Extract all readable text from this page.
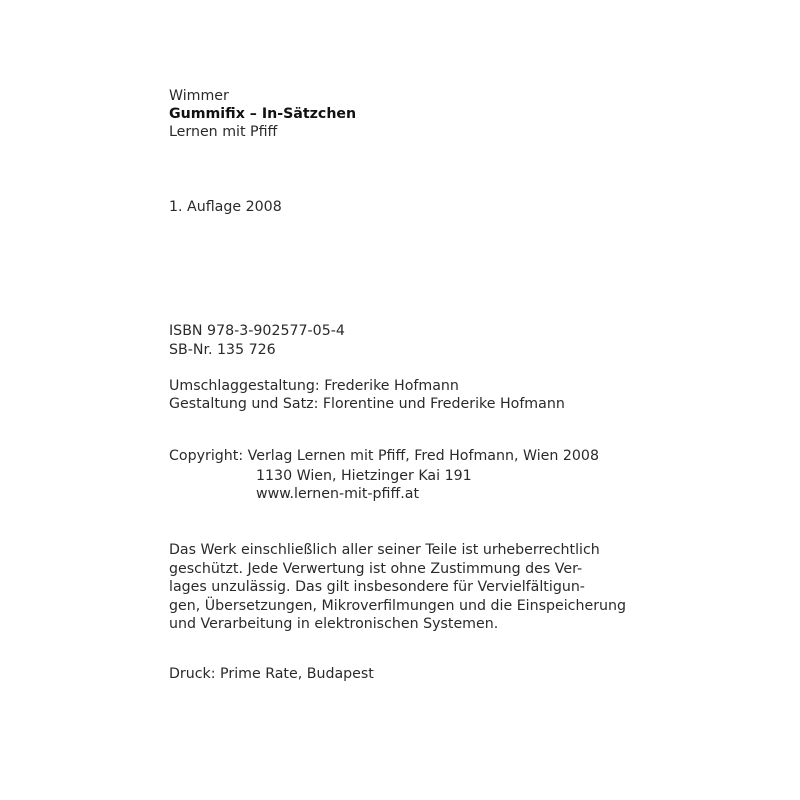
Wimmer
Gummifix – In-Sätzchen
Lernen mit Pfiff
1. Auflage 2008
ISBN 978-3-902577-05-4
SB-Nr. 135 726
Umschlaggestaltung: Frederike Hofmann
Gestaltung und Satz: Florentine und Frederike Hofmann
Copyright: Verlag Lernen mit Pfiff, Fred Hofmann, Wien 2008
1130 Wien, Hietzinger Kai 191
www.lernen-mit-pfiff.at
Das Werk einschließlich aller seiner Teile ist urheberrechtlich
geschützt. Jede Verwertung ist ohne Zustimmung des Ver-
lages unzulässig. Das gilt insbesondere für Vervielfältigun-
gen, Übersetzungen, Mikroverfilmungen und die Einspeicherung
und Verarbeitung in elektronischen Systemen.
Druck: Prime Rate, Budapest
